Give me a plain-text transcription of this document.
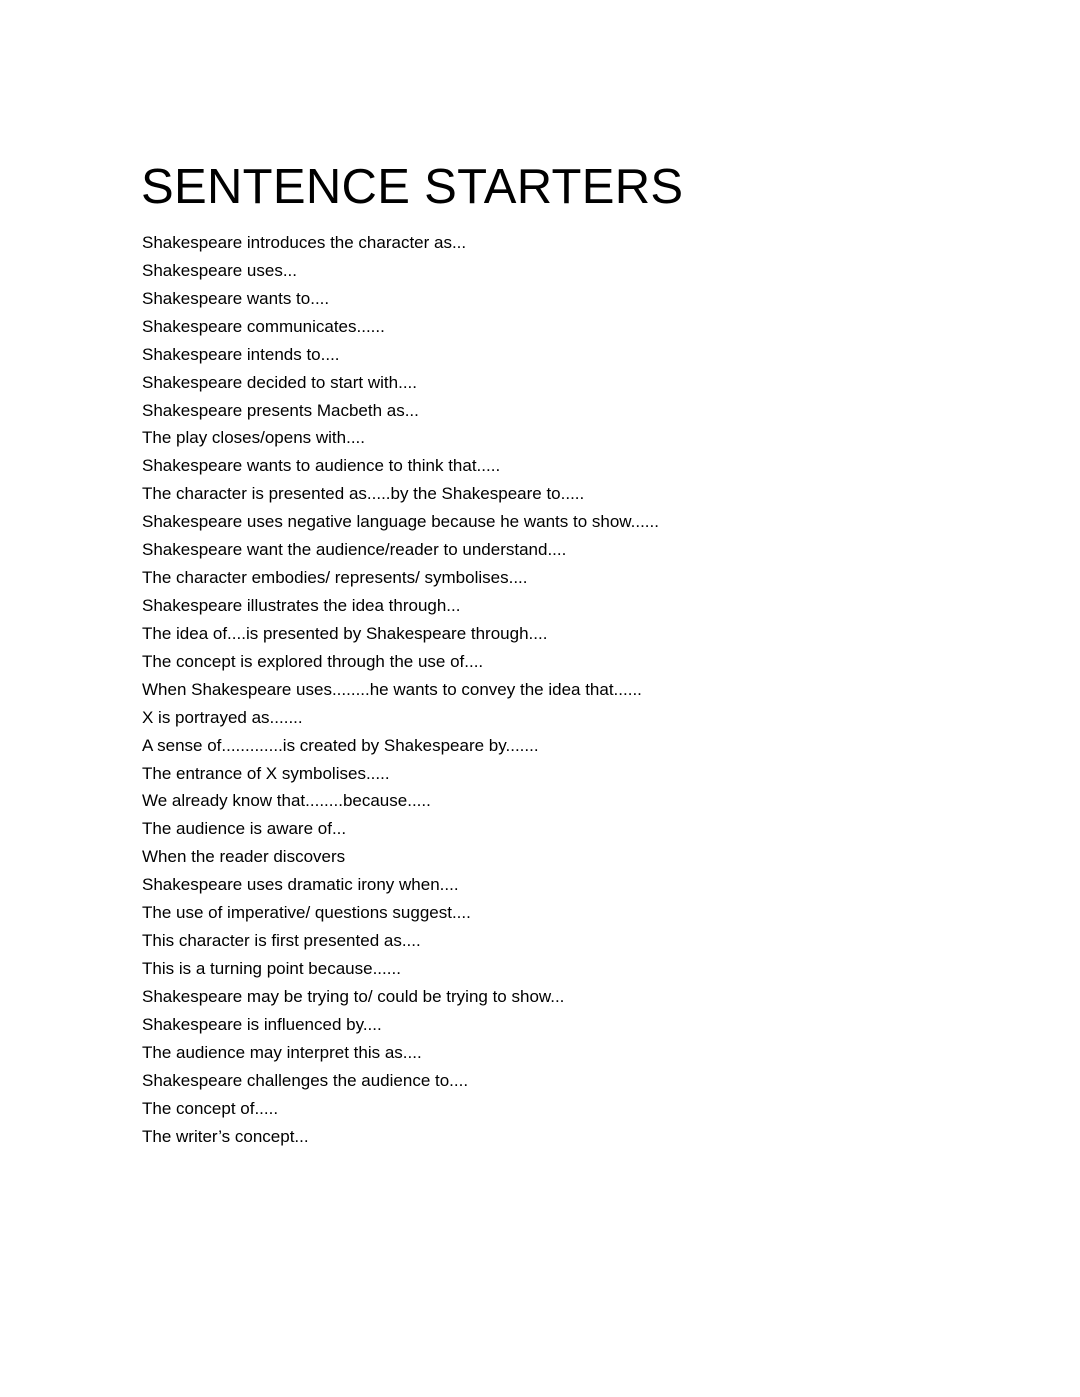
SENTENCE STARTERS
Shakespeare introduces the character as...
Shakespeare uses...
Shakespeare wants to....
Shakespeare communicates......
Shakespeare intends to....
Shakespeare decided to start with....
Shakespeare presents Macbeth as...
The play closes/opens with....
Shakespeare wants to audience to think that.....
The character is presented as.....by the Shakespeare to.....
Shakespeare uses negative language because he wants to show......
Shakespeare want the audience/reader to understand....
The character embodies/ represents/ symbolises....
Shakespeare illustrates the idea through...
The idea of....is presented by Shakespeare through....
The concept is explored through the use of....
When Shakespeare uses........he wants to convey the idea that......
X is portrayed as.......
A sense of.............is created by Shakespeare by.......
The entrance of X symbolises.....
We already know that........because.....
The audience is aware of...
When the reader discovers
Shakespeare uses dramatic irony when....
The use of imperative/ questions suggest....
This character is first presented as....
This is a turning point because......
Shakespeare may be trying to/ could be trying to show...
Shakespeare is influenced by....
The audience may interpret this as....
Shakespeare challenges the audience to....
The concept of.....
The writer’s concept...
